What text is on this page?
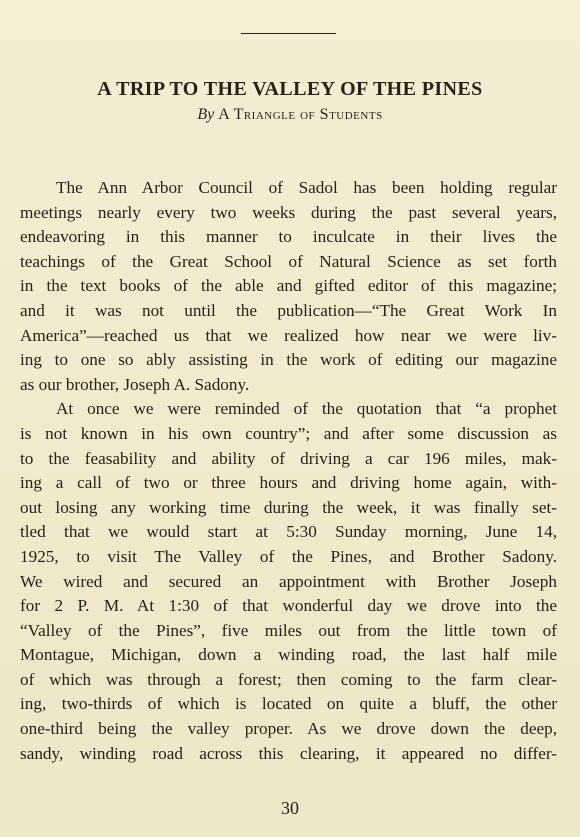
A TRIP TO THE VALLEY OF THE PINES
By A Triangle of Students
The Ann Arbor Council of Sadol has been holding regular
meetings nearly every two weeks during the past several years,
endeavoring in this manner to inculcate in their lives the
teachings of the Great School of Natural Science as set forth
in the text books of the able and gifted editor of this magazine;
and it was not until the publication—“The Great Work In
America”—reached us that we realized how near we were liv-
ing to one so ably assisting in the work of editing our magazine
as our brother, Joseph A. Sadony.
At once we were reminded of the quotation that “a prophet
is not known in his own country”; and after some discussion as
to the feasability and ability of driving a car 196 miles, mak-
ing a call of two or three hours and driving home again, with-
out losing any working time during the week, it was finally set-
tled that we would start at 5:30 Sunday morning, June 14,
1925, to visit The Valley of the Pines, and Brother Sadony.
We wired and secured an appointment with Brother Joseph
for 2 P. M. At 1:30 of that wonderful day we drove into the
“Valley of the Pines”, five miles out from the little town of
Montague, Michigan, down a winding road, the last half mile
of which was through a forest; then coming to the farm clear-
ing, two-thirds of which is located on quite a bluff, the other
one-third being the valley proper. As we drove down the deep,
sandy, winding road across this clearing, it appeared no differ-
30
